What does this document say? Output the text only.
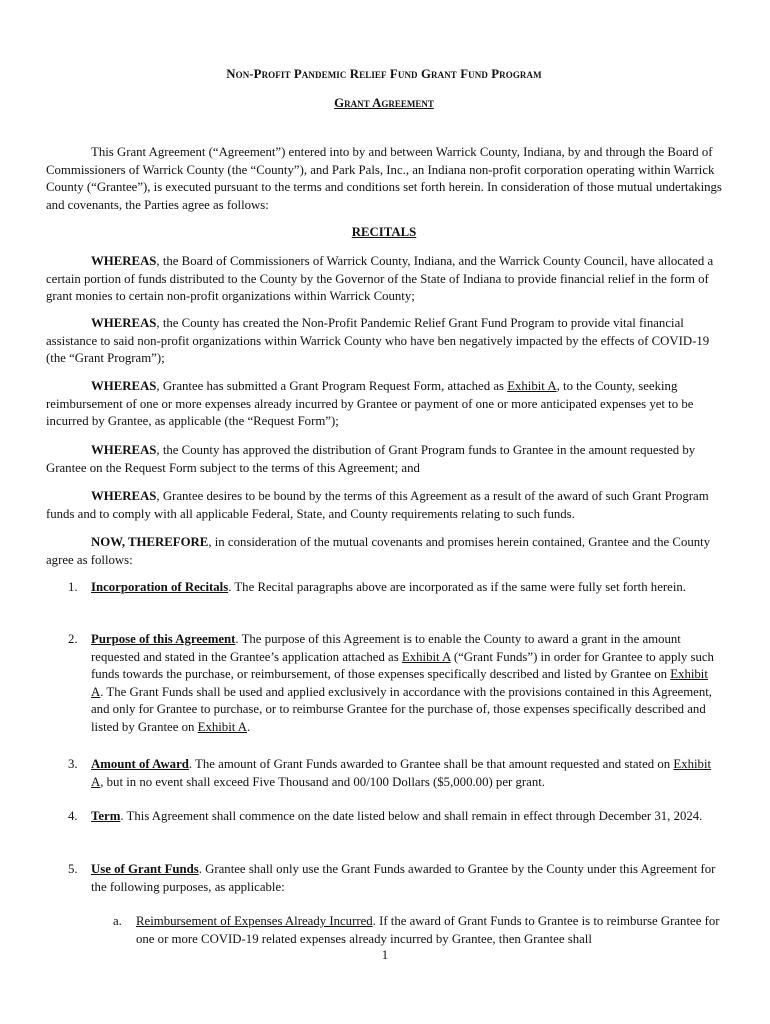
Non-Profit Pandemic Relief Fund Grant Fund Program
Grant Agreement
This Grant Agreement (“Agreement”) entered into by and between Warrick County, Indiana, by and through the Board of Commissioners of Warrick County (the “County”), and Park Pals, Inc., an Indiana non-profit corporation operating within Warrick County (“Grantee”), is executed pursuant to the terms and conditions set forth herein. In consideration of those mutual undertakings and covenants, the Parties agree as follows:
RECITALS
WHEREAS, the Board of Commissioners of Warrick County, Indiana, and the Warrick County Council, have allocated a certain portion of funds distributed to the County by the Governor of the State of Indiana to provide financial relief in the form of grant monies to certain non-profit organizations within Warrick County;
WHEREAS, the County has created the Non-Profit Pandemic Relief Grant Fund Program to provide vital financial assistance to said non-profit organizations within Warrick County who have ben negatively impacted by the effects of COVID-19 (the “Grant Program”);
WHEREAS, Grantee has submitted a Grant Program Request Form, attached as Exhibit A, to the County, seeking reimbursement of one or more expenses already incurred by Grantee or payment of one or more anticipated expenses yet to be incurred by Grantee, as applicable (the “Request Form”);
WHEREAS, the County has approved the distribution of Grant Program funds to Grantee in the amount requested by Grantee on the Request Form subject to the terms of this Agreement; and
WHEREAS, Grantee desires to be bound by the terms of this Agreement as a result of the award of such Grant Program funds and to comply with all applicable Federal, State, and County requirements relating to such funds.
NOW, THEREFORE, in consideration of the mutual covenants and promises herein contained, Grantee and the County agree as follows:
1. Incorporation of Recitals. The Recital paragraphs above are incorporated as if the same were fully set forth herein.
2. Purpose of this Agreement. The purpose of this Agreement is to enable the County to award a grant in the amount requested and stated in the Grantee’s application attached as Exhibit A (“Grant Funds”) in order for Grantee to apply such funds towards the purchase, or reimbursement, of those expenses specifically described and listed by Grantee on Exhibit A. The Grant Funds shall be used and applied exclusively in accordance with the provisions contained in this Agreement, and only for Grantee to purchase, or to reimburse Grantee for the purchase of, those expenses specifically described and listed by Grantee on Exhibit A.
3. Amount of Award. The amount of Grant Funds awarded to Grantee shall be that amount requested and stated on Exhibit A, but in no event shall exceed Five Thousand and 00/100 Dollars ($5,000.00) per grant.
4. Term. This Agreement shall commence on the date listed below and shall remain in effect through December 31, 2024.
5. Use of Grant Funds. Grantee shall only use the Grant Funds awarded to Grantee by the County under this Agreement for the following purposes, as applicable:
a. Reimbursement of Expenses Already Incurred. If the award of Grant Funds to Grantee is to reimburse Grantee for one or more COVID-19 related expenses already incurred by Grantee, then Grantee shall
1
